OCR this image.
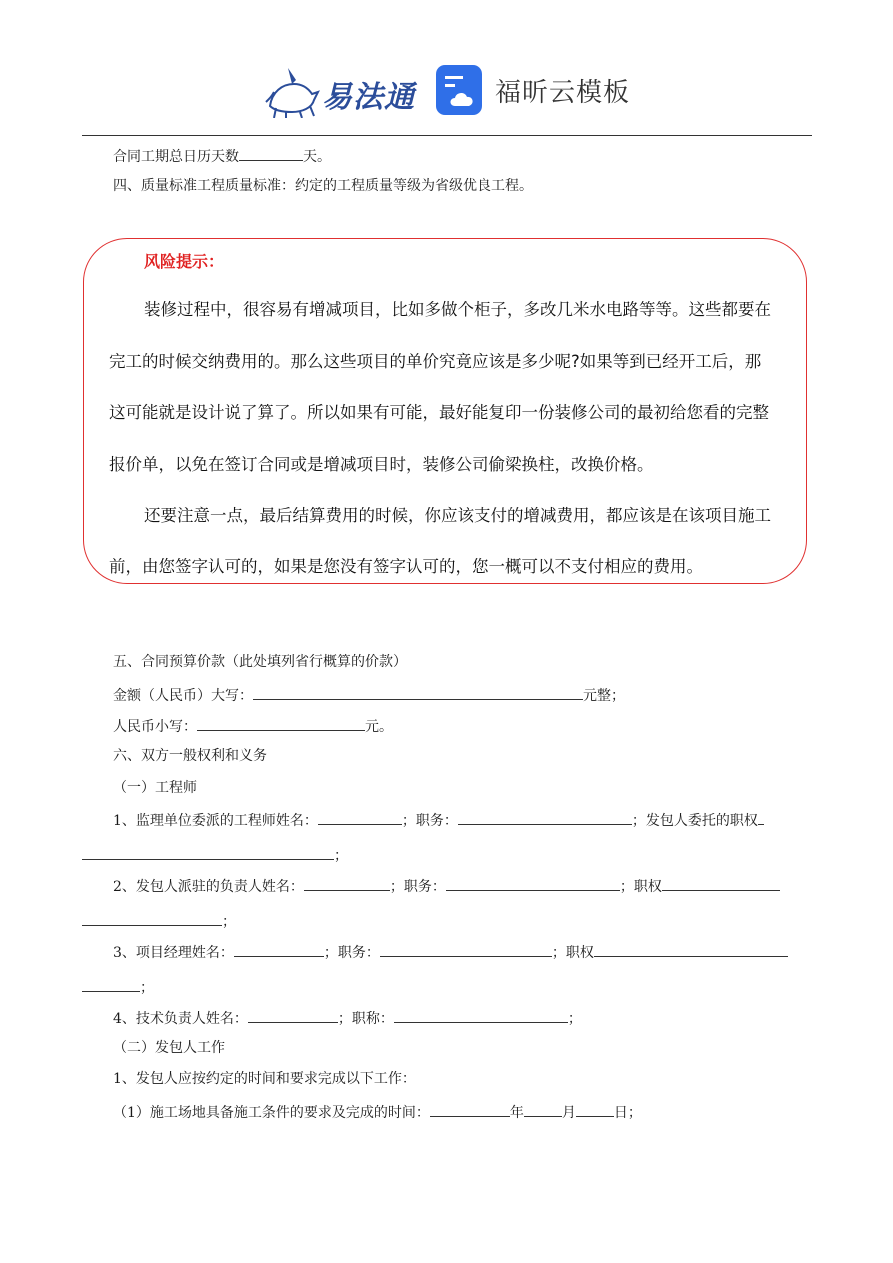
易法通	福昕云模板
合同工期总日历天数	天。
四、质量标准工程质量标准：约定的工程质量等级为省级优良工程。
风险提示：
装修过程中，很容易有增减项目，比如多做个柜子，多改几米水电路等等。这些都要在
完工的时候交纳费用的。那么这些项目的单价究竟应该是多少呢?如果等到已经开工后，那
这可能就是设计说了算了。所以如果有可能，最好能复印一份装修公司的最初给您看的完整
报价单，以免在签订合同或是增减项目时，装修公司偷梁换柱，改换价格。
还要注意一点，最后结算费用的时候，你应该支付的增减费用，都应该是在该项目施工
前，由您签字认可的，如果是您没有签字认可的，您一概可以不支付相应的费用。
五、合同预算价款（此处填列省行概算的价款）
金额（人民币）大写：	元整；
人民币小写：	元。
六、双方一般权利和义务
（一）工程师
1、监理单位委派的工程师姓名：	；职务：	；发包人委托的职权
；
2、发包人派驻的负责人姓名：	；职务：	；职权
；
3、项目经理姓名：	；职务：	；职权
；
4、技术负责人姓名：	；职称：	；
（二）发包人工作
1、发包人应按约定的时间和要求完成以下工作：
（1）施工场地具备施工条件的要求及完成的时间：	年	月	日；
